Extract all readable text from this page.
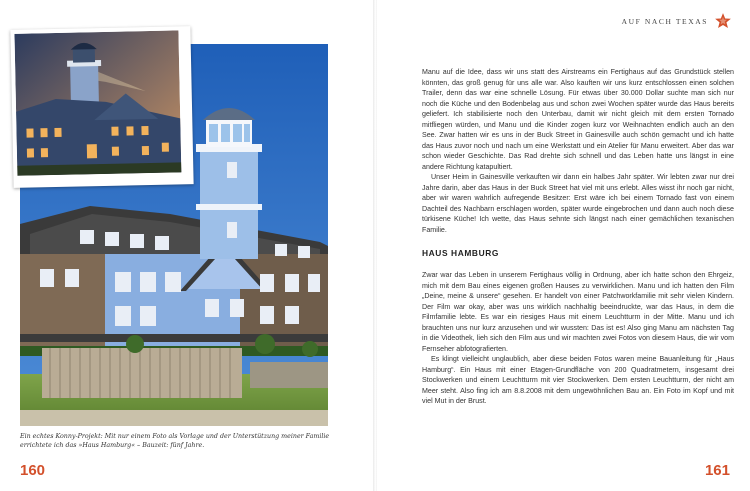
Ein echtes Konny-Projekt: Mit nur einem Foto als Vorlage und der Unterstützung meiner Familie errichtete ich das »Haus Hamburg« – Bauzeit: fünf Jahre.
160
AUF NACH TEXAS

Manu auf die Idee, dass wir uns statt des Airstreams ein Fertighaus auf das Grundstück stellen könnten, das groß genug für uns alle war. Also kauften wir uns kurz entschlossen einen solchen Trailer, denn das war eine schnelle Lösung. Für etwas über 30.000 Dollar suchte man sich nur noch die Küche und den Bodenbelag aus und schon zwei Wochen später wurde das Haus bereits geliefert. Ich stabilisierte noch den Unterbau, damit wir nicht gleich mit dem ersten Tornado mitfliegen würden, und Manu und die Kinder zogen kurz vor Weihnachten endlich auch an den See. Zwar hatten wir es uns in der Buck Street in Gainesville auch schön gemacht und ich hatte das Haus zuvor noch und nach um eine Werkstatt und ein Atelier für Manu erweitert. Aber das war schon wieder Geschichte. Das Rad drehte sich schnell und das Leben hatte uns längst in eine andere Richtung katapultiert.

Unser Heim in Gainesville verkauften wir dann ein halbes Jahr später. Wir lebten zwar nur drei Jahre darin, aber das Haus in der Buck Street hat viel mit uns erlebt. Alles wisst ihr noch gar nicht, aber wir waren wahrlich aufregende Besitzer: Erst wäre ich bei einem Tornado fast von einem Dachteil des Nachbarn erschlagen worden, später wurde eingebrochen und dann auch noch diese türkisene Küche! Ich wette, das Haus sehnte sich längst nach einer gemächlichen texanischen Familie.

HAUS HAMBURG

Zwar war das Leben in unserem Fertighaus völlig in Ordnung, aber ich hatte schon den Ehrgeiz, mich mit dem Bau eines eigenen großen Hauses zu verwirklichen. Manu und ich hatten den Film „Deine, meine & unsere“ gesehen. Er handelt von einer Patchworkfamilie mit sehr vielen Kindern. Der Film war okay, aber was uns wirklich nachhaltig beeindruckte, war das Haus, in dem die Filmfamilie lebte. Es war ein riesiges Haus mit einem Leuchtturm in der Mitte. Manu und ich brauchten uns nur kurz anzusehen und wir wussten: Das ist es! Also ging Manu am nächsten Tag in die Videothek, lieh sich den Film aus und wir machten zwei Fotos von diesem Haus, die wir vom Fernseher abfotografierten.

Es klingt vielleicht unglaublich, aber diese beiden Fotos waren meine Bauanleitung für „Haus Hamburg“. Ein Haus mit einer Etagen-Grundfläche von 200 Quadratmetern, insgesamt drei Stockwerken und einem Leuchtturm mit vier Stockwerken. Dem ersten Leuchtturm, der nicht am Meer steht. Also fing ich am 8.8.2008 mit dem ungewöhnlichen Bau an. Ein Foto im Kopf und mit viel Mut in der Brust.

161
